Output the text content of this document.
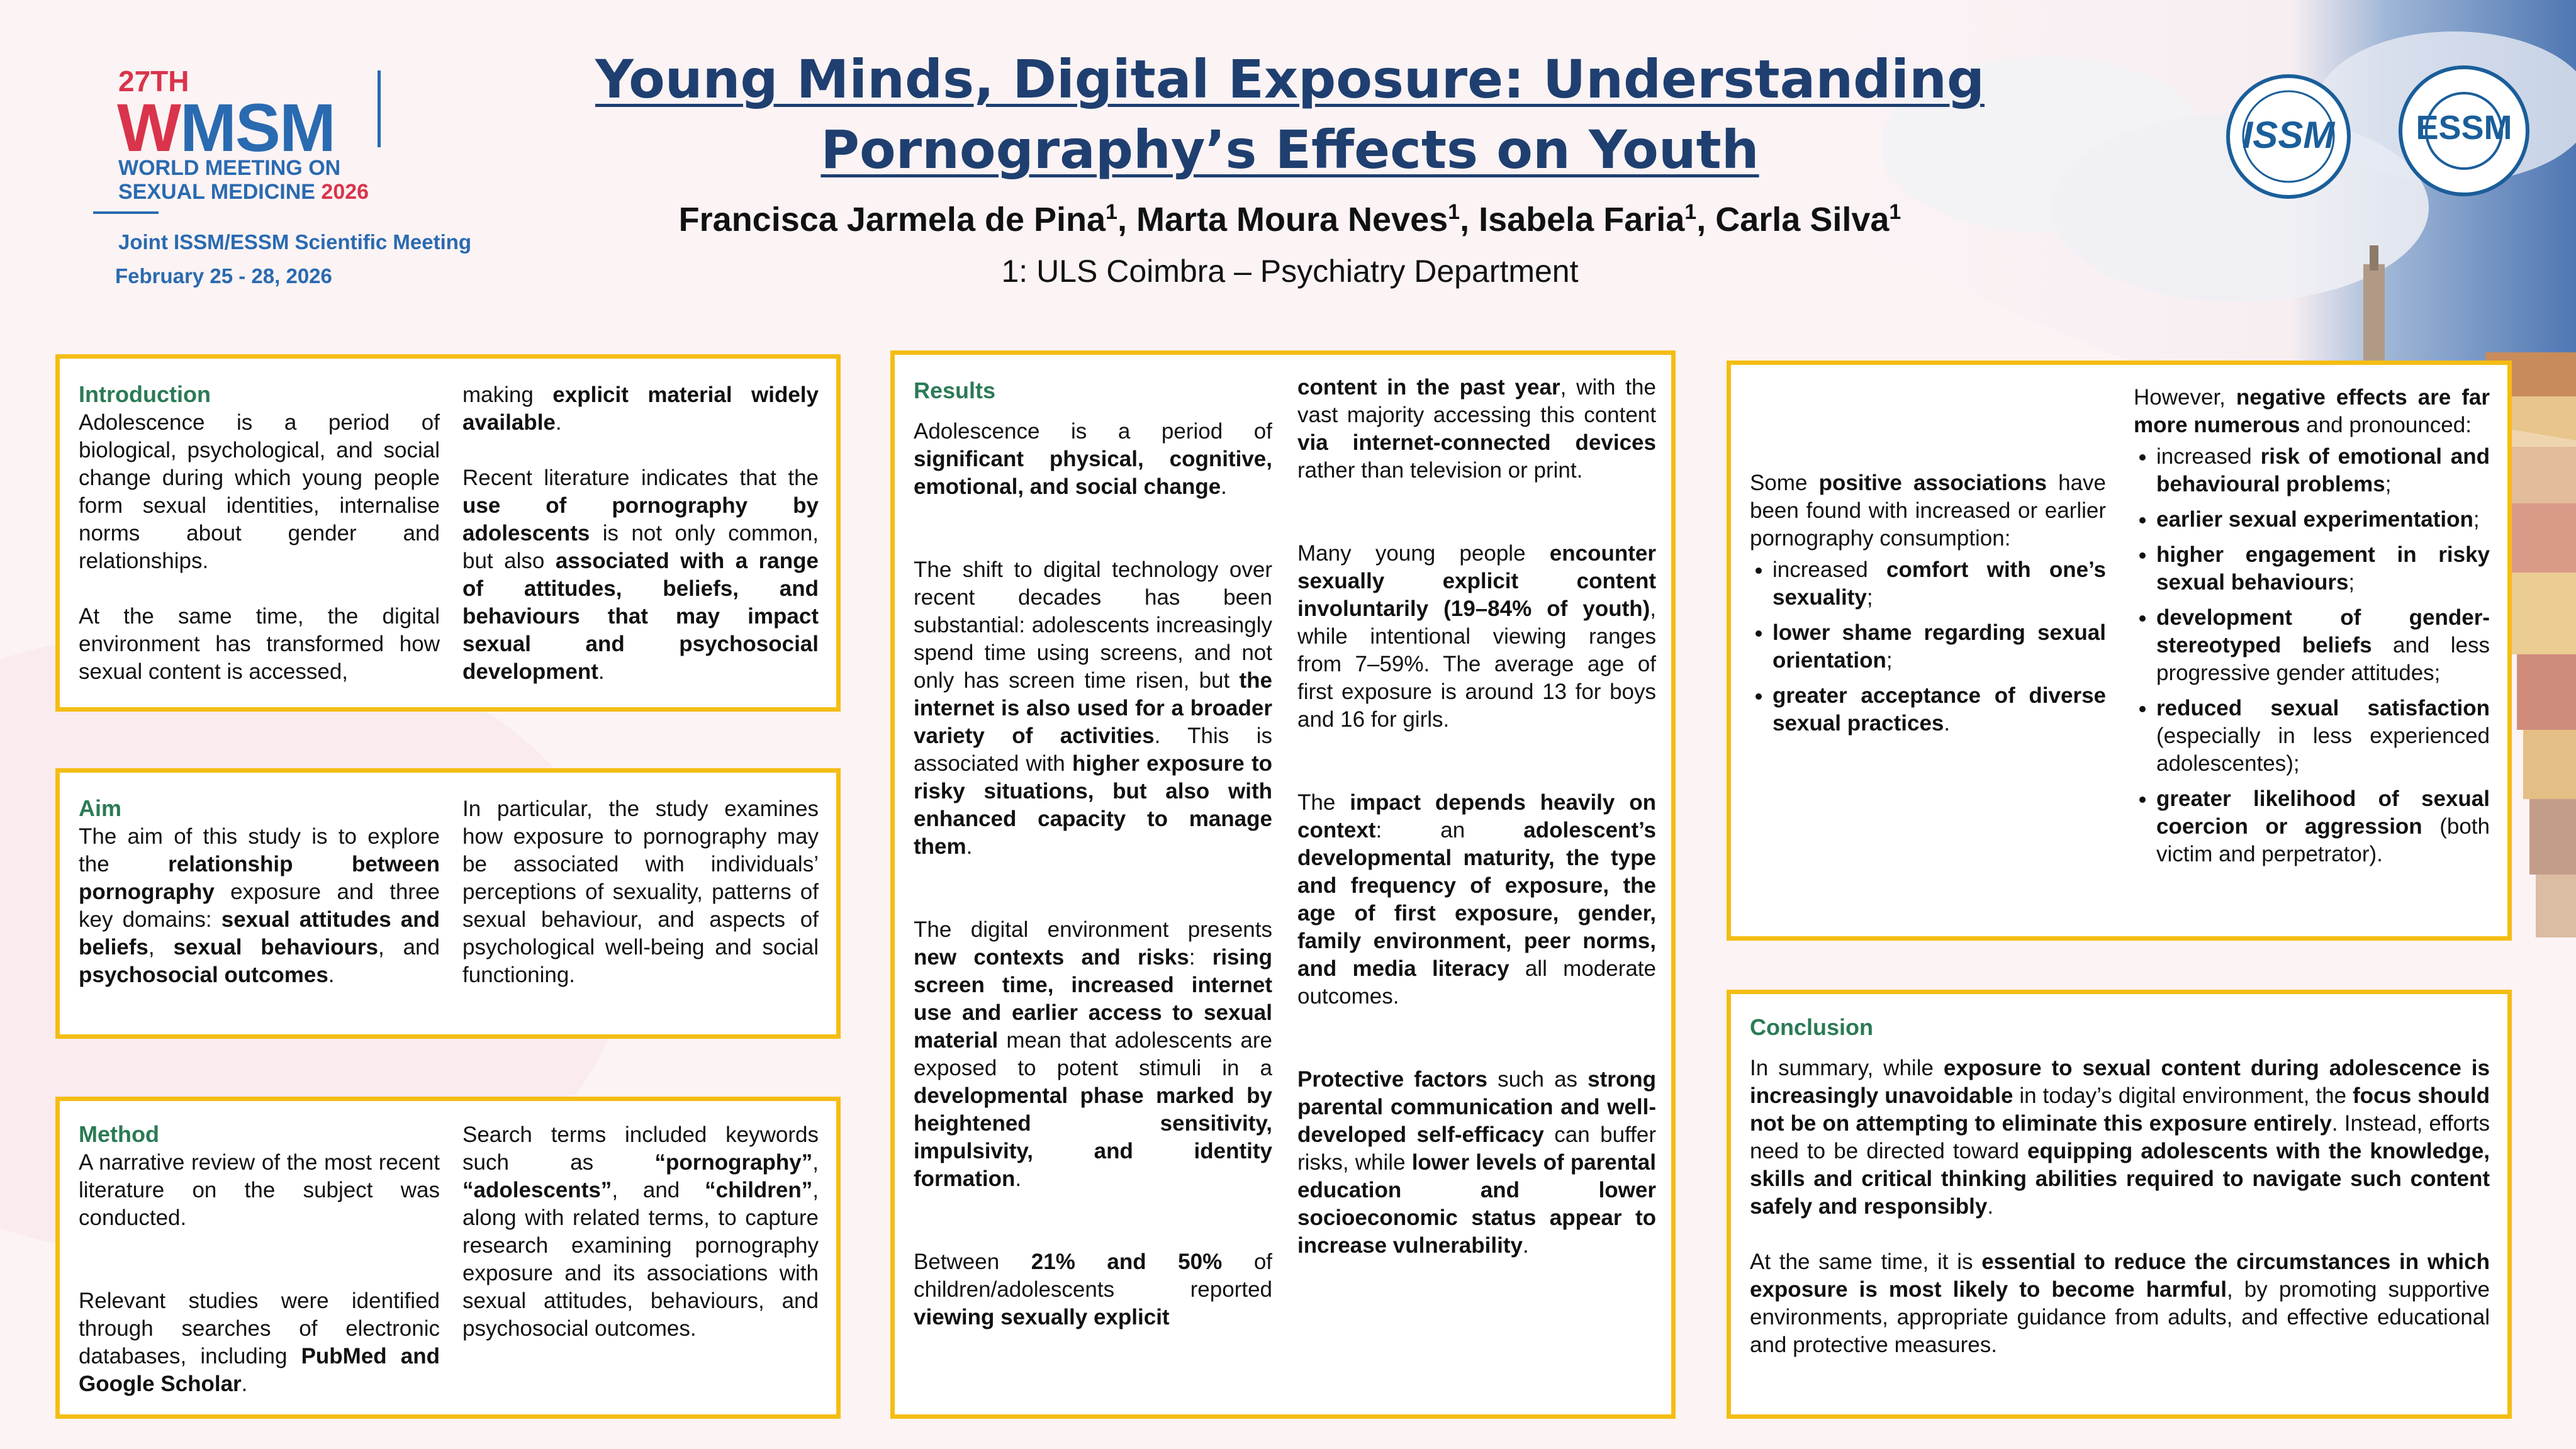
27TH
WMSM
WORLD MEETING ON
SEXUAL MEDICINE 2026
Joint ISSM/ESSM Scientific Meeting
February 25 - 28, 2026
ISSM	ESSM
Young Minds, Digital Exposure: Understanding
Pornography’s Effects on Youth
Francisca Jarmela de Pina$^1$, Marta Moura Neves$^1$, Isabela Faria$^1$, Carla Silva$^1$
1: ULS Coimbra – Psychiatry Department
Introduction

Adolescence is a period of biological, psychological, and social change during which young people form sexual identities, internalise norms about gender and relationships.

At the same time, the digital environment has transformed how sexual content is accessed,

making explicit material widely available.

Recent literature indicates that the use of pornography by adolescents is not only common, but also associated with a range of attitudes, beliefs, and behaviours that may impact sexual and psychosocial development.

Aim

The aim of this study is to explore the relationship between pornography exposure and three key domains: sexual attitudes and beliefs, sexual behaviours, and psychosocial outcomes.

In particular, the study examines how exposure to pornography may be associated with individuals’ perceptions of sexuality, patterns of sexual behaviour, and aspects of psychological well-being and social functioning.

Method

A narrative review of the most recent literature on the subject was conducted.

Relevant studies were identified through searches of electronic databases, including PubMed and Google Scholar.

Search terms included keywords such as “pornography”, “adolescents”, and “children”, along with related terms, to capture research examining pornography exposure and its associations with sexual attitudes, behaviours, and psychosocial outcomes.

Results

Adolescence is a period of significant physical, cognitive, emotional, and social change.

The shift to digital technology over recent decades has been substantial: adolescents increasingly spend time using screens, and not only has screen time risen, but the internet is also used for a broader variety of activities. This is associated with higher exposure to risky situations, but also with enhanced capacity to manage them.

The digital environment presents new contexts and risks: rising screen time, increased internet use and earlier access to sexual material mean that adolescents are exposed to potent stimuli in a developmental phase marked by heightened sensitivity, impulsivity, and identity formation.

Between 21% and 50% of children/adolescents reported viewing sexually explicit

content in the past year, with the vast majority accessing this content via internet-connected devices rather than television or print.

Many young people encounter sexually explicit content involuntarily (19–84% of youth), while intentional viewing ranges from 7–59%. The average age of first exposure is around 13 for boys and 16 for girls.

The impact depends heavily on context: an adolescent’s developmental maturity, the type and frequency of exposure, the age of first exposure, gender, family environment, peer norms, and media literacy all moderate outcomes.

Protective factors such as strong parental communication and well-developed self-efficacy can buffer risks, while lower levels of parental education and lower socioeconomic status appear to increase vulnerability.

Some positive associations have been found with increased or earlier pornography consumption:

• increased comfort with one’s sexuality;
• lower shame regarding sexual orientation;
• greater acceptance of diverse sexual practices.

However, negative effects are far more numerous and pronounced:

• increased risk of emotional and behavioural problems;
• earlier sexual experimentation;
• higher engagement in risky sexual behaviours;
• development of gender-stereotyped beliefs and less progressive gender attitudes;
• reduced sexual satisfaction (especially in less experienced adolescentes);
• greater likelihood of sexual coercion or aggression (both victim and perpetrator).
Conclusion

In summary, while exposure to sexual content during adolescence is increasingly unavoidable in today’s digital environment, the focus should not be on attempting to eliminate this exposure entirely. Instead, efforts need to be directed toward equipping adolescents with the knowledge, skills and critical thinking abilities required to navigate such content safely and responsibly.

At the same time, it is essential to reduce the circumstances in which exposure is most likely to become harmful, by promoting supportive environments, appropriate guidance from adults, and effective educational and protective measures.
